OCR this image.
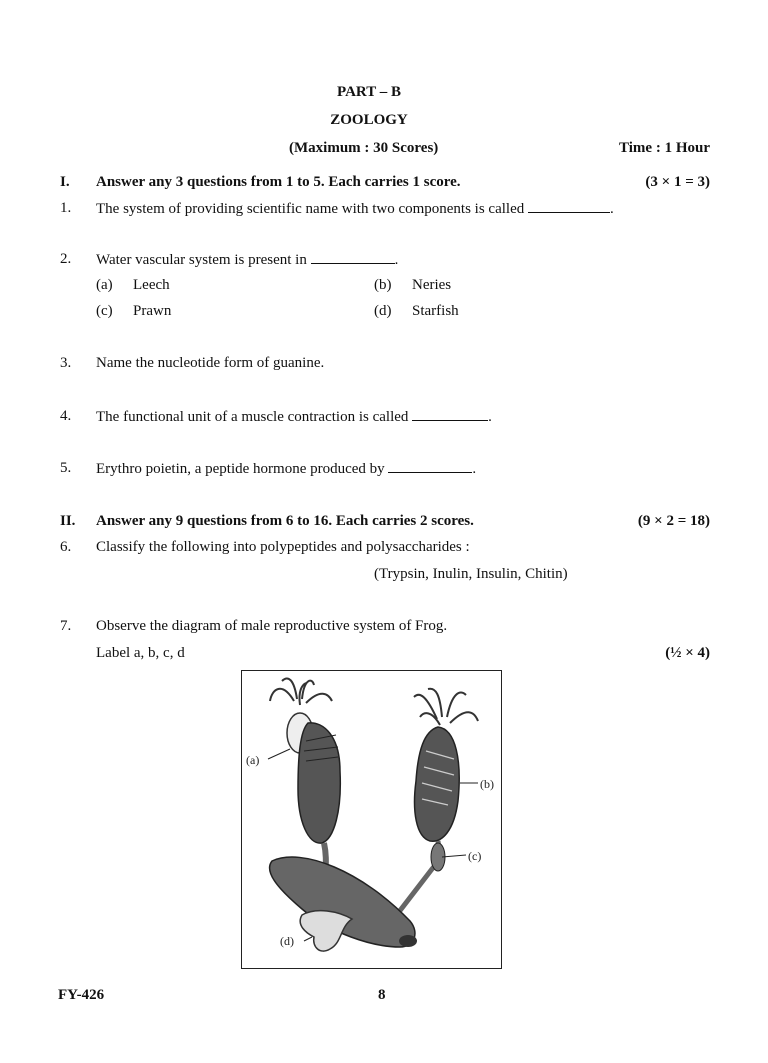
PART – B
ZOOLOGY
(Maximum : 30 Scores)	Time : 1 Hour
I. Answer any 3 questions from 1 to 5. Each carries 1 score.	(3 × 1 = 3)
1. The system of providing scientific name with two components is called	.
2. Water vascular system is present in	.
(a) Leech	(b) Neries
(c) Prawn	(d) Starfish
3. Name the nucleotide form of guanine.
4. The functional unit of a muscle contraction is called	.
5. Erythro poietin, a peptide hormone produced by	.
II. Answer any 9 questions from 6 to 16. Each carries 2 scores.	(9 × 2 = 18)
6. Classify the following into polypeptides and polysaccharides :
(Trypsin, Inulin, Insulin, Chitin)
7. Observe the diagram of male reproductive system of Frog.
Label a, b, c, d	(½ × 4)
(a)
(b)
(c)
(d)
FY-426	8
